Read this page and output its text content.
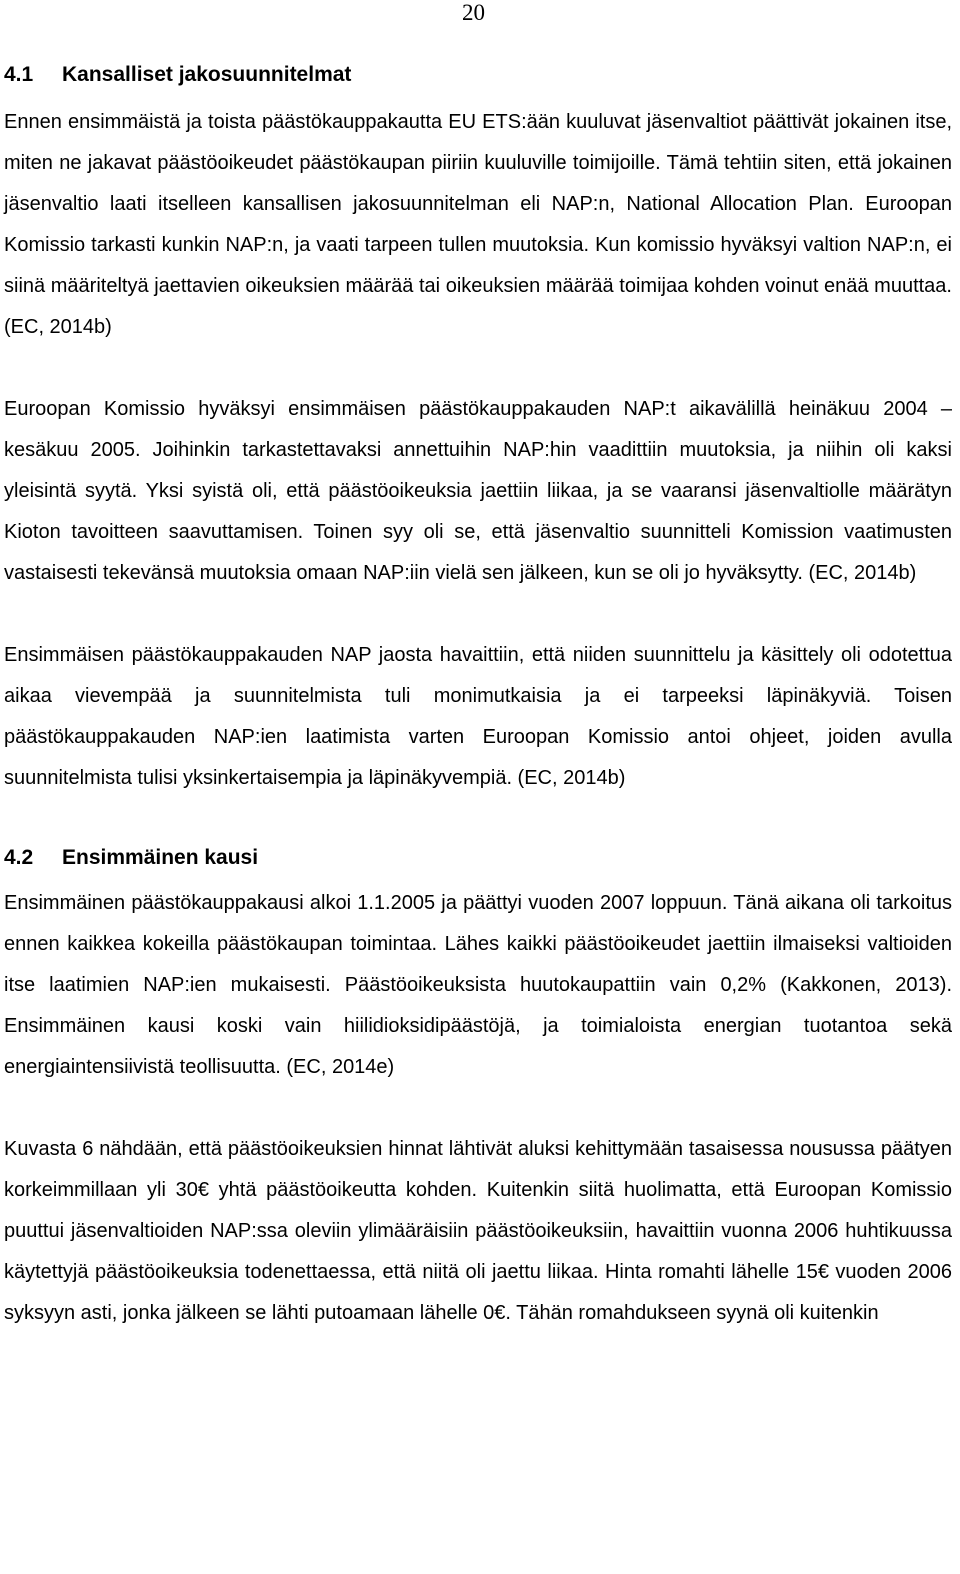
20
4.1 Kansalliset jakosuunnitelmat

Ennen ensimmäistä ja toista päästökauppakautta EU ETS:ään kuuluvat jäsenvaltiot päättivät jokainen itse, miten ne jakavat päästöoikeudet päästökaupan piiriin kuuluville toimijoille. Tämä tehtiin siten, että jokainen jäsenvaltio laati itselleen kansallisen jakosuunnitelman eli NAP:n, National Allocation Plan. Euroopan Komissio tarkasti kunkin NAP:n, ja vaati tarpeen tullen muutoksia. Kun komissio hyväksyi valtion NAP:n, ei siinä määriteltyä jaettavien oikeuksien määrää tai oikeuksien määrää toimijaa kohden voinut enää muuttaa. (EC, 2014b)

Euroopan Komissio hyväksyi ensimmäisen päästökauppakauden NAP:t aikavälillä heinäkuu 2004 – kesäkuu 2005. Joihinkin tarkastettavaksi annettuihin NAP:hin vaadittiin muutoksia, ja niihin oli kaksi yleisintä syytä. Yksi syistä oli, että päästöoikeuksia jaettiin liikaa, ja se vaaransi jäsenvaltiolle määrätyn Kioton tavoitteen saavuttamisen. Toinen syy oli se, että jäsenvaltio suunnitteli Komission vaatimusten vastaisesti tekevänsä muutoksia omaan NAP:iin vielä sen jälkeen, kun se oli jo hyväksytty. (EC, 2014b)

Ensimmäisen päästökauppakauden NAP jaosta havaittiin, että niiden suunnittelu ja käsittely oli odotettua aikaa vievempää ja suunnitelmista tuli monimutkaisia ja ei tarpeeksi läpinäkyviä. Toisen päästökauppakauden NAP:ien laatimista varten Euroopan Komissio antoi ohjeet, joiden avulla suunnitelmista tulisi yksinkertaisempia ja läpinäkyvempiä. (EC, 2014b)

4.2 Ensimmäinen kausi

Ensimmäinen päästökauppakausi alkoi 1.1.2005 ja päättyi vuoden 2007 loppuun. Tänä aikana oli tarkoitus ennen kaikkea kokeilla päästökaupan toimintaa. Lähes kaikki päästöoikeudet jaettiin ilmaiseksi valtioiden itse laatimien NAP:ien mukaisesti. Päästöoikeuksista huutokaupattiin vain 0,2% (Kakkonen, 2013). Ensimmäinen kausi koski vain hiilidioksidipäästöjä, ja toimialoista energian tuotantoa sekä energiaintensiivistä teollisuutta. (EC, 2014e)

Kuvasta 6 nähdään, että päästöoikeuksien hinnat lähtivät aluksi kehittymään tasaisessa nousussa päätyen korkeimmillaan yli 30€ yhtä päästöoikeutta kohden. Kuitenkin siitä huolimatta, että Euroopan Komissio puuttui jäsenvaltioiden NAP:ssa oleviin ylimääräisiin päästöoikeuksiin, havaittiin vuonna 2006 huhtikuussa käytettyjä päästöoikeuksia todenettaessa, että niitä oli jaettu liikaa. Hinta romahti lähelle 15€ vuoden 2006 syksyyn asti, jonka jälkeen se lähti putoamaan lähelle 0€. Tähän romahdukseen syynä oli kuitenkin
